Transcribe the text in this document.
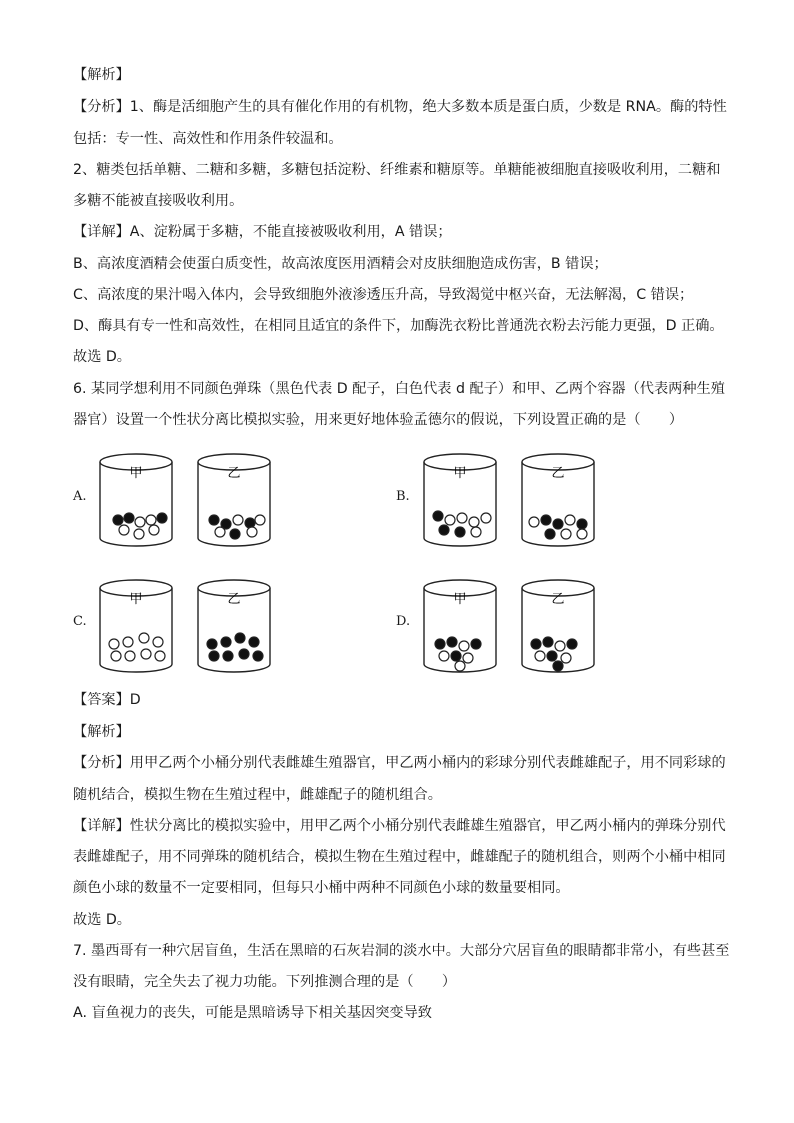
【解析】
【分析】1、酶是活细胞产生的具有催化作用的有机物，绝大多数本质是蛋白质，少数是 RNA。酶的特性
包括：专一性、高效性和作用条件较温和。
2、糖类包括单糖、二糖和多糖，多糖包括淀粉、纤维素和糖原等。单糖能被细胞直接吸收利用，二糖和
多糖不能被直接吸收利用。
【详解】A、淀粉属于多糖，不能直接被吸收利用，A 错误；
B、高浓度酒精会使蛋白质变性，故高浓度医用酒精会对皮肤细胞造成伤害，B 错误；
C、高浓度的果汁喝入体内，会导致细胞外液渗透压升高，导致渴觉中枢兴奋，无法解渴，C 错误；
D、酶具有专一性和高效性，在相同且适宜的条件下，加酶洗衣粉比普通洗衣粉去污能力更强，D 正确。
故选 D。
6. 某同学想利用不同颜色弹珠（黑色代表 D 配子，白色代表 d 配子）和甲、乙两个容器（代表两种生殖
器官）设置一个性状分离比模拟实验，用来更好地体验孟德尔的假说，下列设置正确的是（　　）
A.	B.
C.	D.
甲	乙	甲	乙
甲	乙	甲	乙
【答案】D
【解析】
【分析】用甲乙两个小桶分别代表雌雄生殖器官，甲乙两小桶内的彩球分别代表雌雄配子，用不同彩球的
随机结合，模拟生物在生殖过程中，雌雄配子的随机组合。
【详解】性状分离比的模拟实验中，用甲乙两个小桶分别代表雌雄生殖器官，甲乙两小桶内的弹珠分别代
表雌雄配子，用不同弹珠的随机结合，模拟生物在生殖过程中，雌雄配子的随机组合，则两个小桶中相同
颜色小球的数量不一定要相同，但每只小桶中两种不同颜色小球的数量要相同。
故选 D。
7. 墨西哥有一种穴居盲鱼，生活在黑暗的石灰岩洞的淡水中。大部分穴居盲鱼的眼睛都非常小，有些甚至
没有眼睛，完全失去了视力功能。下列推测合理的是（　　）
A. 盲鱼视力的丧失，可能是黑暗诱导下相关基因突变导致
